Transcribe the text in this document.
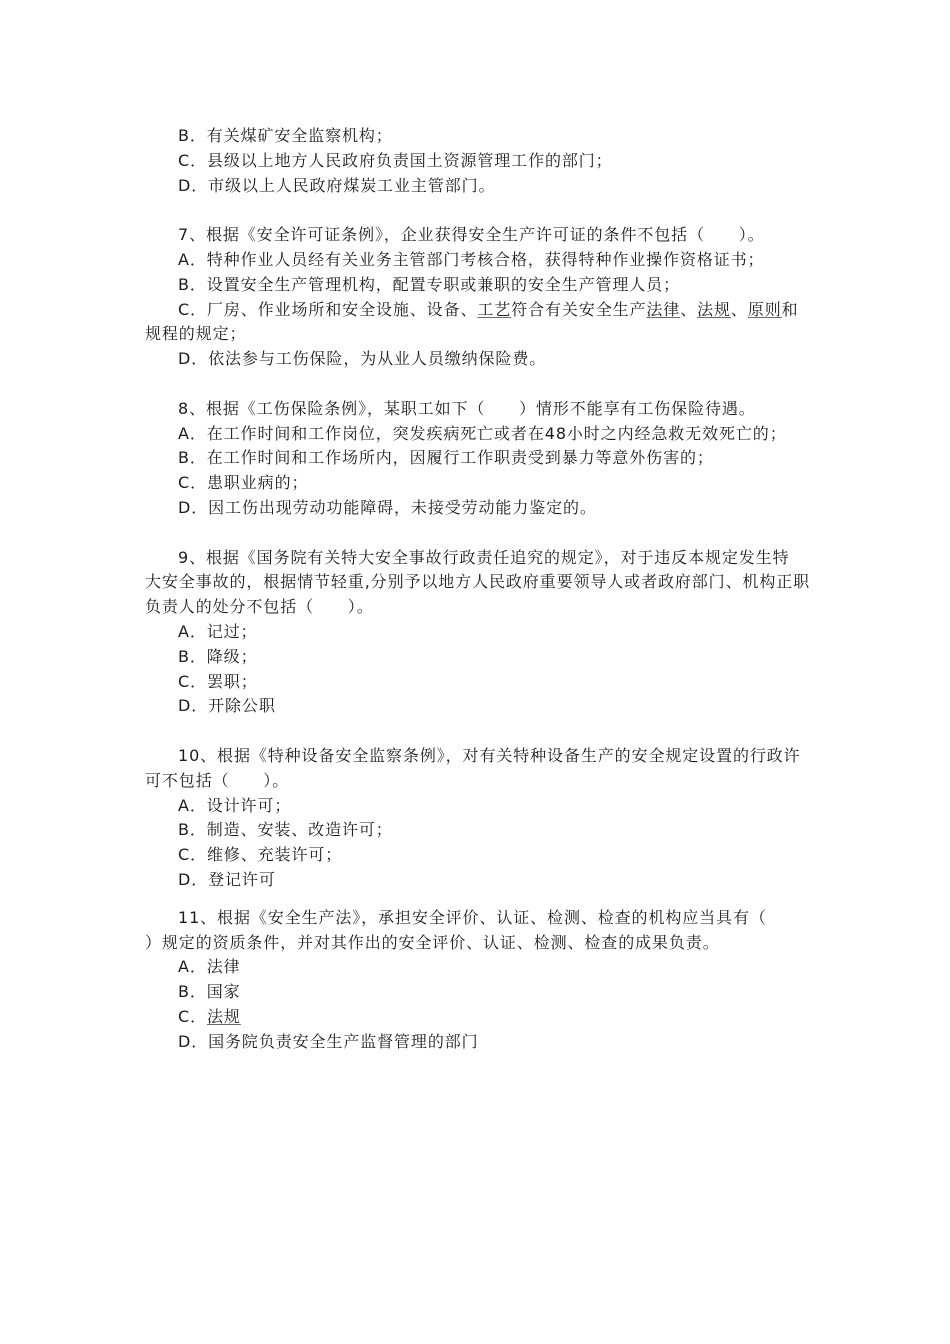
B．有关煤矿安全监察机构；
C．县级以上地方人民政府负责国土资源管理工作的部门；
D．市级以上人民政府煤炭工业主管部门。
7、根据《安全许可证条例》，企业获得安全生产许可证的条件不包括（　　）。
A．特种作业人员经有关业务主管部门考核合格，获得特种作业操作资格证书；
B．设置安全生产管理机构，配置专职或兼职的安全生产管理人员；
C．厂房、作业场所和安全设施、设备、工艺符合有关安全生产法律、法规、原则和
规程的规定；
D．依法参与工伤保险，为从业人员缴纳保险费。
8、根据《工伤保险条例》，某职工如下（　　）情形不能享有工伤保险待遇。
A．在工作时间和工作岗位，突发疾病死亡或者在48小时之内经急救无效死亡的；
B．在工作时间和工作场所内，因履行工作职责受到暴力等意外伤害的；
C．患职业病的；
D．因工伤出现劳动功能障碍，未接受劳动能力鉴定的。
9、根据《国务院有关特大安全事故行政责任追究的规定》，对于违反本规定发生特
大安全事故的，根据情节轻重,分别予以地方人民政府重要领导人或者政府部门、机构正职
负责人的处分不包括（　　）。
A．记过；
B．降级；
C．罢职；
D．开除公职
10、根据《特种设备安全监察条例》，对有关特种设备生产的安全规定设置的行政许
可不包括（　　）。
A．设计许可；
B．制造、安装、改造许可；
C．维修、充装许可；
D．登记许可
11、根据《安全生产法》，承担安全评价、认证、检测、检查的机构应当具有（
）规定的资质条件，并对其作出的安全评价、认证、检测、检查的成果负责。
A．法律
B．国家
C．法规
D．国务院负责安全生产监督管理的部门
